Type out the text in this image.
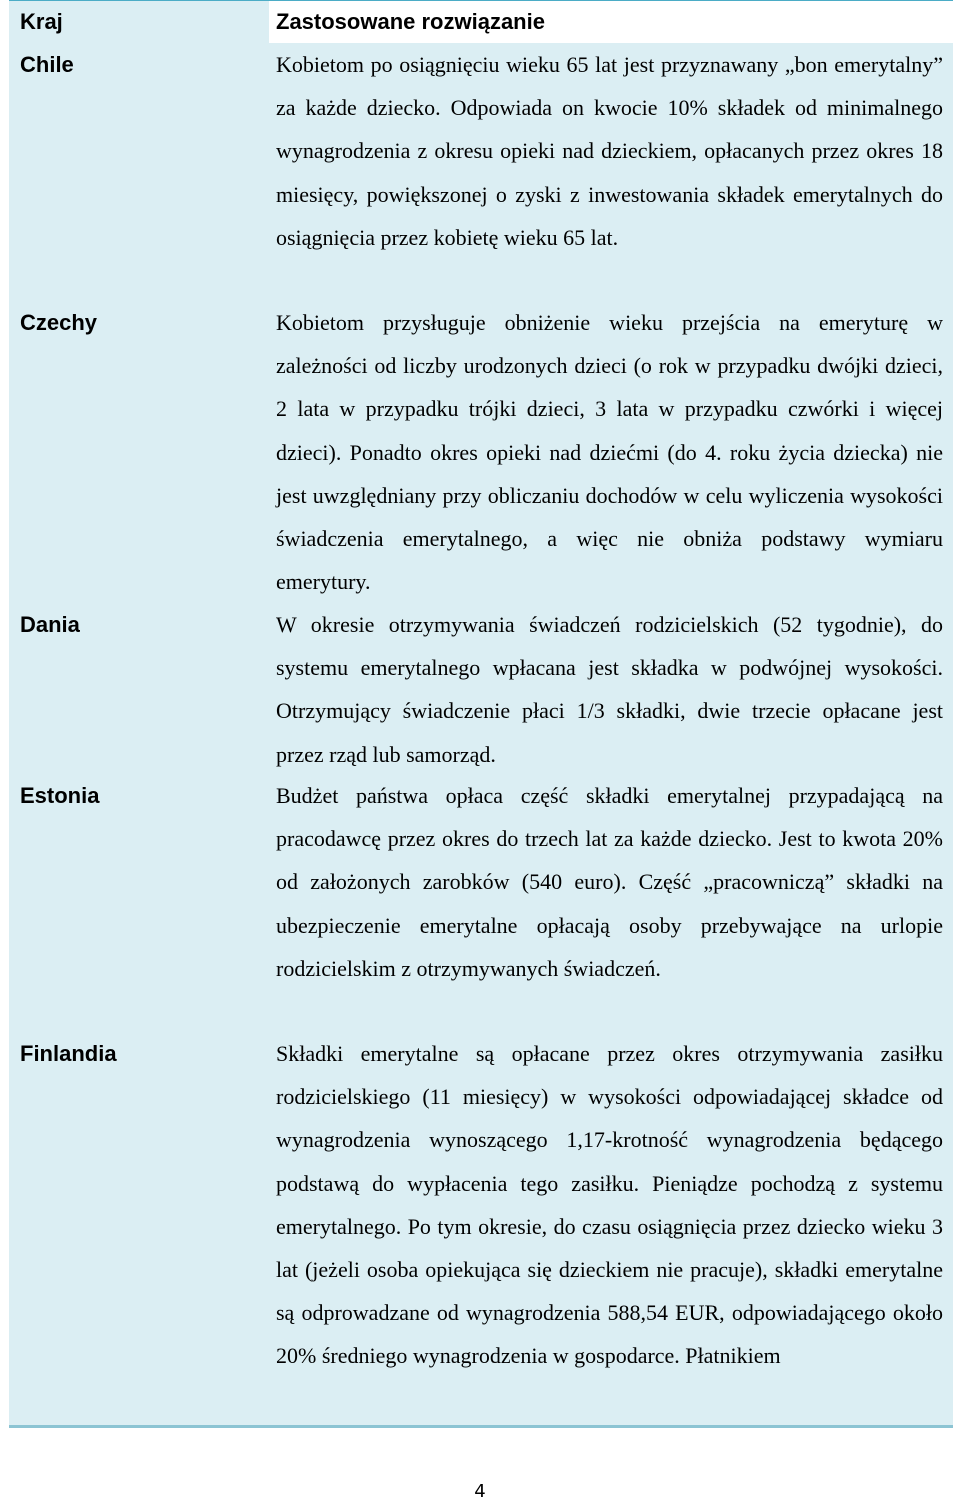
Kraj	Zastosowane rozwiązanie
Chile	Kobietom po osiągnięciu wieku 65 lat jest przyznawany „bon emerytalny” za każde dziecko. Odpowiada on kwocie 10% składek od minimalnego wynagrodzenia z okresu opieki nad dzieckiem, opłacanych przez okres 18 miesięcy, powiększonej o zyski z inwestowania składek emerytalnych do osiągnięcia przez kobietę wieku 65 lat.
Czechy	Kobietom przysługuje obniżenie wieku przejścia na emeryturę w zależności od liczby urodzonych dzieci (o rok w przypadku dwójki dzieci, 2 lata w przypadku trójki dzieci, 3 lata w przypadku czwórki i więcej dzieci). Ponadto okres opieki nad dziećmi (do 4. roku życia dziecka) nie jest uwzględniany przy obliczaniu dochodów w celu wyliczenia wysokości świadczenia emerytalnego, a więc nie obniża podstawy wymiaru emerytury.
Dania	W okresie otrzymywania świadczeń rodzicielskich (52 tygodnie), do systemu emerytalnego wpłacana jest składka w podwójnej wysokości. Otrzymujący świadczenie płaci 1/3 składki, dwie trzecie opłacane jest przez rząd lub samorząd.
Estonia	Budżet państwa opłaca część składki emerytalnej przypadającą na pracodawcę przez okres do trzech lat za każde dziecko. Jest to kwota 20% od założonych zarobków (540 euro). Część „pracowniczą” składki na ubezpieczenie emerytalne opłacają osoby przebywające na urlopie rodzicielskim z otrzymywanych świadczeń.
Finlandia	Składki emerytalne są opłacane przez okres otrzymywania zasiłku rodzicielskiego (11 miesięcy) w wysokości odpowiadającej składce od wynagrodzenia wynoszącego 1,17-krotność wynagrodzenia będącego podstawą do wypłacenia tego zasiłku. Pieniądze pochodzą z systemu emerytalnego. Po tym okresie, do czasu osiągnięcia przez dziecko wieku 3 lat (jeżeli osoba opiekująca się dzieckiem nie pracuje), składki emerytalne są odprowadzane od wynagrodzenia 588,54 EUR, odpowiadającego około 20% średniego wynagrodzenia w gospodarce. Płatnikiem
4
